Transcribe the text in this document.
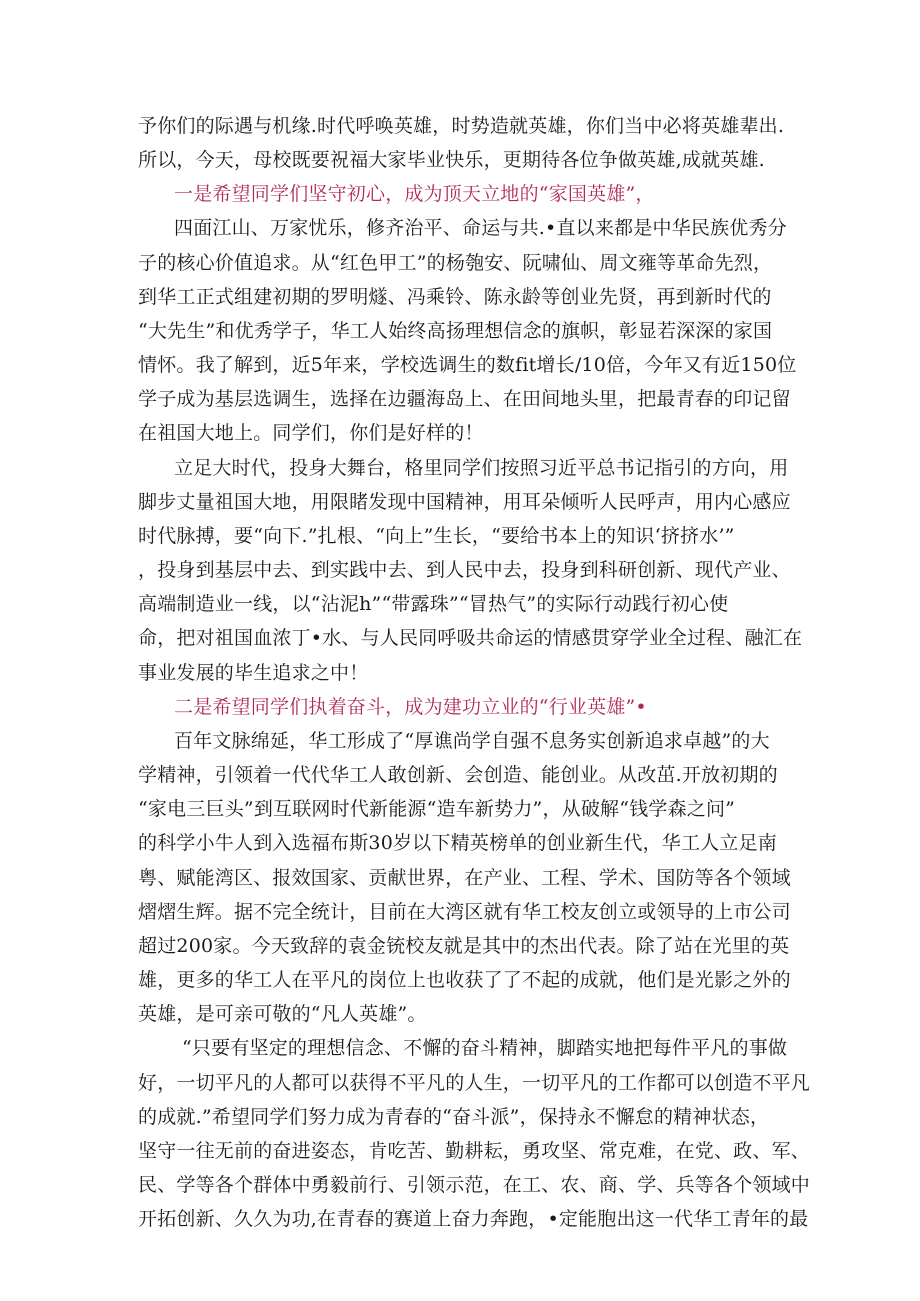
予你们的际遇与机缘.时代呼唤英雄，时势造就英雄，你们当中必将英雄辈出.
所以，今天，母校既要祝福大家毕业快乐，更期待各位争做英雄,成就英雄.
一是希望同学们坚守初心，成为顶天立地的“家国英雄”，
四面江山、万家忧乐，修齐治平、命运与共.•直以来都是中华民族优秀分
子的核心价值追求。从“红色甲工”的杨匏安、阮啸仙、周文雍等革命先烈，
到华工正式组建初期的罗明燧、冯乘铃、陈永龄等创业先贤，再到新时代的
“大先生”和优秀学子，华工人始终高扬理想信念的旗帜，彰显若深深的家国
情怀。我了解到，近5年来，学校选调生的数fit增长/10倍，今年又有近150位
学子成为基层选调生，选择在边疆海岛上、在田间地头里，把最青春的印记留
在祖国大地上。同学们，你们是好样的！
立足大时代，投身大舞台，格里同学们按照习近平总书记指引的方向，用
脚步丈量祖国大地，用限睹发现中国精神，用耳朵倾听人民呼声，用内心感应
时代脉搏，要“向下.”扎根、“向上”生长，“要给书本上的知识‘挤挤水’”
，投身到基层中去、到实践中去、到人民中去，投身到科研创新、现代产业、
高端制造业一线，以“沾泥h”“带露珠”“冒热气”的实际行动践行初心使
命，把对祖国血浓丁•水、与人民同呼吸共命运的情感贯穿学业全过程、融汇在
事业发展的毕生追求之中！
二是希望同学们执着奋斗，成为建功立业的“行业英雄”•
百年文脉绵延，华工形成了“厚谯尚学自强不息务实创新追求卓越”的大
学精神，引领着一代代华工人敢创新、会创造、能创业。从改茁.开放初期的
“家电三巨头”到互联网时代新能源“造车新势力”，从破解“钱学森之问”
的科学小牛人到入选福布斯30岁以下精英榜单的创业新生代，华工人立足南
粤、赋能湾区、报效国家、贡献世界，在产业、工程、学术、国防等各个领域
熠熠生辉。据不完全统计，目前在大湾区就有华工校友创立或领导的上市公司
超过200家。今天致辞的袁金铳校友就是其中的杰出代表。除了站在光里的英
雄，更多的华工人在平凡的岗位上也收获了了不起的成就，他们是光影之外的
英雄，是可亲可敬的“凡人英雄”。
“只要有坚定的理想信念、不懈的奋斗精神，脚踏实地把每件平凡的事做
好，一切平凡的人都可以获得不平凡的人生，一切平凡的工作都可以创造不平凡
的成就.”希望同学们努力成为青春的“奋斗派”，保持永不懈怠的精神状态，
坚守一往无前的奋进姿态，肯吃苦、勤耕耘，勇攻坚、常克难，在党、政、军、
民、学等各个群体中勇毅前行、引领示范，在工、农、商、学、兵等各个领域中
开拓创新、久久为功,在青春的赛道上奋力奔跑，•定能胞出这一代华工青年的最
